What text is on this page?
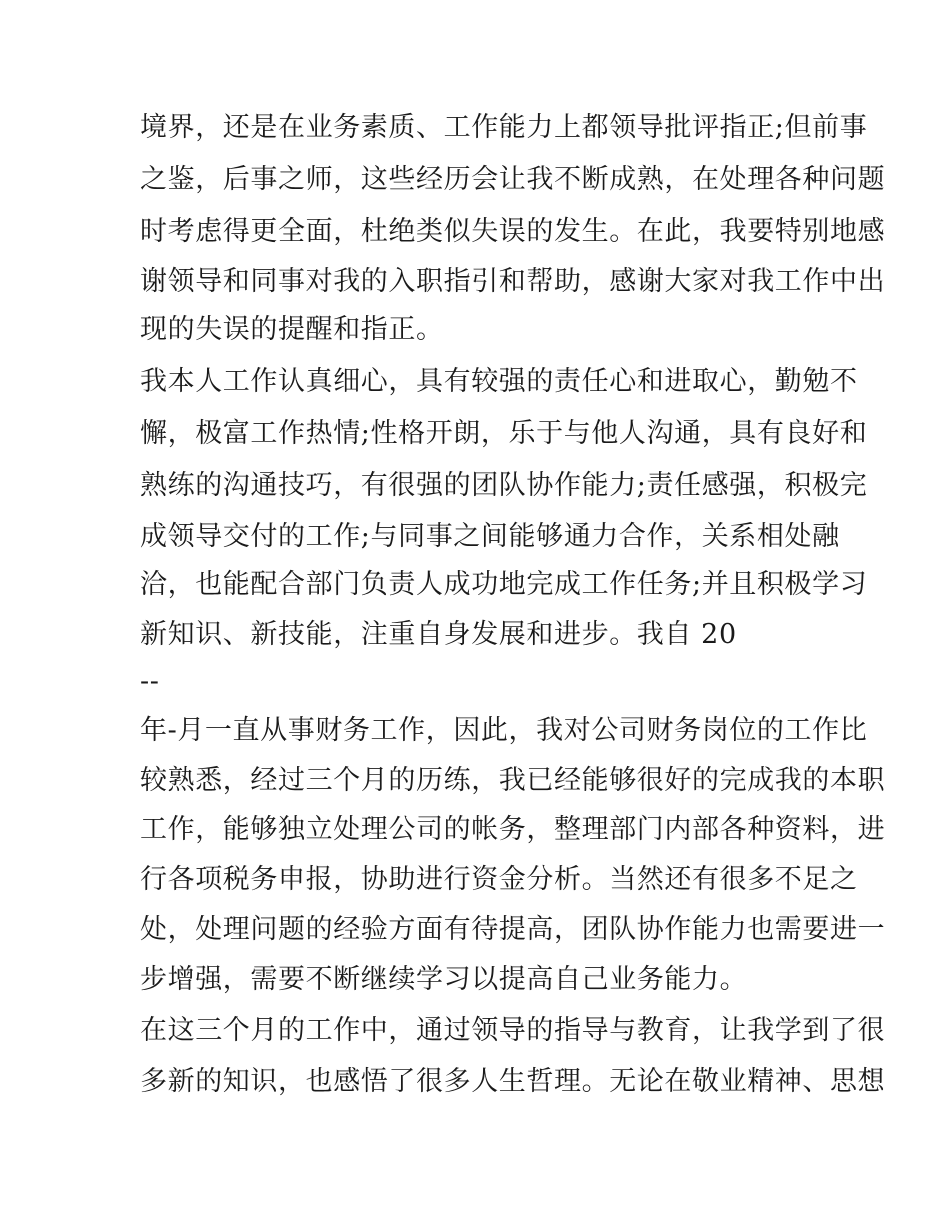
境界，还是在业务素质、工作能力上都领导批评指正;但前事
之鉴，后事之师，这些经历会让我不断成熟，在处理各种问题
时考虑得更全面，杜绝类似失误的发生。在此，我要特别地感
谢领导和同事对我的入职指引和帮助，感谢大家对我工作中出
现的失误的提醒和指正。
我本人工作认真细心，具有较强的责任心和进取心，勤勉不
懈，极富工作热情;性格开朗，乐于与他人沟通，具有良好和
熟练的沟通技巧，有很强的团队协作能力;责任感强，积极完
成领导交付的工作;与同事之间能够通力合作，关系相处融
洽，也能配合部门负责人成功地完成工作任务;并且积极学习
新知识、新技能，注重自身发展和进步。我自 20
--
年-月一直从事财务工作，因此，我对公司财务岗位的工作比
较熟悉，经过三个月的历练，我已经能够很好的完成我的本职
工作，能够独立处理公司的帐务，整理部门内部各种资料，进
行各项税务申报，协助进行资金分析。当然还有很多不足之
处，处理问题的经验方面有待提高，团队协作能力也需要进一
步增强，需要不断继续学习以提高自己业务能力。
在这三个月的工作中，通过领导的指导与教育，让我学到了很
多新的知识，也感悟了很多人生哲理。无论在敬业精神、思想
